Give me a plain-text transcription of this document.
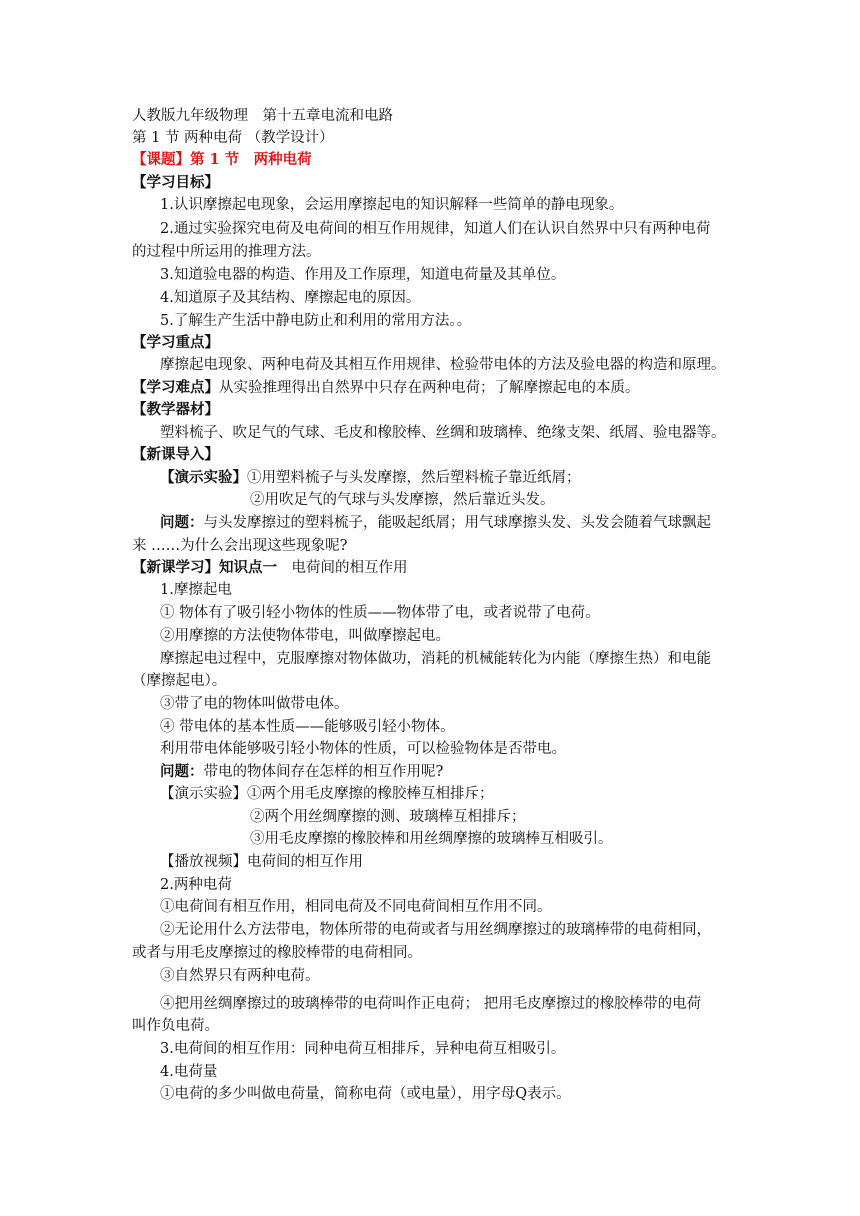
人教版九年级物理　第十五章电流和电路
第 1 节 两种电荷 （教学设计）
【课题】第 1 节　两种电荷
【学习目标】
1.认识摩擦起电现象，会运用摩擦起电的知识解释一些简单的静电现象。
2.通过实验探究电荷及电荷间的相互作用规律，知道人们在认识自然界中只有两种电荷
的过程中所运用的推理方法。
3.知道验电器的构造、作用及工作原理，知道电荷量及其单位。
4.知道原子及其结构、摩擦起电的原因。
5.了解生产生活中静电防止和利用的常用方法。。
【学习重点】
摩擦起电现象、两种电荷及其相互作用规律、检验带电体的方法及验电器的构造和原理。
【学习难点】从实验推理得出自然界中只存在两种电荷；了解摩擦起电的本质。
【教学器材】
塑料梳子、吹足气的气球、毛皮和橡胶棒、丝绸和玻璃棒、绝缘支架、纸屑、验电器等。
【新课导入】
【演示实验】①用塑料梳子与头发摩擦，然后塑料梳子靠近纸屑；
②用吹足气的气球与头发摩擦，然后靠近头发。
问题：与头发摩擦过的塑料梳子，能吸起纸屑；用气球摩擦头发、头发会随着气球飘起
来 ……为什么会出现这些现象呢?
【新课学习】知识点一　电荷间的相互作用
1.摩擦起电
① 物体有了吸引轻小物体的性质——物体带了电，或者说带了电荷。
②用摩擦的方法使物体带电，叫做摩擦起电。
摩擦起电过程中，克服摩擦对物体做功，消耗的机械能转化为内能（摩擦生热）和电能
（摩擦起电）。
③带了电的物体叫做带电体。
④ 带电体的基本性质——能够吸引轻小物体。
利用带电体能够吸引轻小物体的性质，可以检验物体是否带电。
问题：带电的物体间存在怎样的相互作用呢?
【演示实验】①两个用毛皮摩擦的橡胶棒互相排斥；
②两个用丝绸摩擦的测、玻璃棒互相排斥；
③用毛皮摩擦的橡胶棒和用丝绸摩擦的玻璃棒互相吸引。
【播放视频】电荷间的相互作用
2.两种电荷
①电荷间有相互作用，相同电荷及不同电荷间相互作用不同。
②无论用什么方法带电，物体所带的电荷或者与用丝绸摩擦过的玻璃棒带的电荷相同，
或者与用毛皮摩擦过的橡胶棒带的电荷相同。
③自然界只有两种电荷。
④把用丝绸摩擦过的玻璃棒带的电荷叫作正电荷； 把用毛皮摩擦过的橡胶棒带的电荷
叫作负电荷。
3.电荷间的相互作用：同种电荷互相排斥，异种电荷互相吸引。
4.电荷量
①电荷的多少叫做电荷量，简称电荷（或电量），用字母Q表示。
